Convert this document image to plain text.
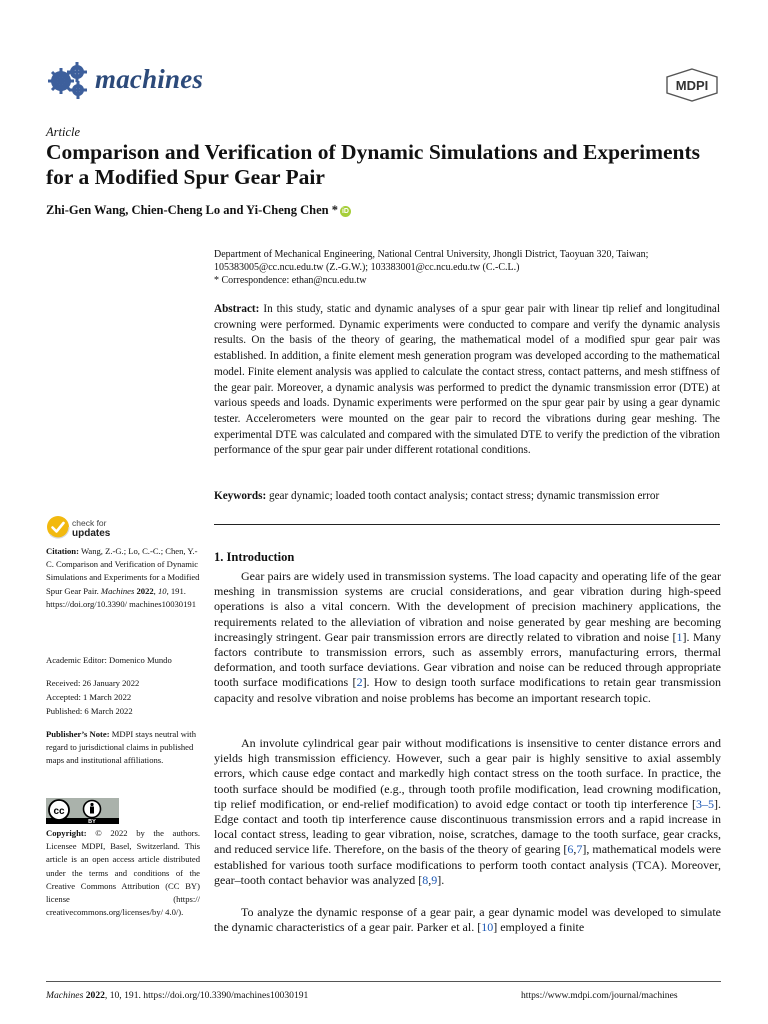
machines	MDPI
Article
Comparison and Verification of Dynamic Simulations and Experiments for a Modified Spur Gear Pair
Zhi-Gen Wang, Chien-Cheng Lo and Yi-Cheng Chen * iD
Department of Mechanical Engineering, National Central University, Jhongli District, Taoyuan 320, Taiwan;
105383005@cc.ncu.edu.tw (Z.-G.W.); 103383001@cc.ncu.edu.tw (C.-C.L.)
* Correspondence: ethan@ncu.edu.tw
Abstract: In this study, static and dynamic analyses of a spur gear pair with linear tip relief and longitudinal crowning were performed. Dynamic experiments were conducted to compare and verify the dynamic analysis results. On the basis of the theory of gearing, the mathematical model of a modified spur gear pair was established. In addition, a finite element mesh generation program was developed according to the mathematical model. Finite element analysis was applied to calculate the contact stress, contact patterns, and mesh stiffness of the gear pair. Moreover, a dynamic analysis was performed to predict the dynamic transmission error (DTE) at various speeds and loads. Dynamic experiments were performed on the spur gear pair by using a gear dynamic tester. Accelerometers were mounted on the gear pair to record the vibrations during gear meshing. The experimental DTE was calculated and compared with the simulated DTE to verify the prediction of the vibration performance of the spur gear pair under different rotational conditions.
Keywords: gear dynamic; loaded tooth contact analysis; contact stress; dynamic transmission error
check for
updates
Citation: Wang, Z.-G.; Lo, C.-C.; Chen, Y.-C. Comparison and Verification of Dynamic Simulations and Experiments for a Modified Spur Gear Pair. Machines 2022, 10, 191. https://doi.org/10.3390/ machines10030191
Academic Editor: Domenico Mundo
Received: 26 January 2022
Accepted: 1 March 2022
Published: 6 March 2022
Publisher’s Note: MDPI stays neutral with regard to jurisdictional claims in published maps and institutional affiliations.
cc
BY
Copyright: © 2022 by the authors. Licensee MDPI, Basel, Switzerland. This article is an open access article distributed under the terms and conditions of the Creative Commons Attribution (CC BY) license (https:// creativecommons.org/licenses/by/ 4.0/).
1. Introduction

Gear pairs are widely used in transmission systems. The load capacity and operating life of the gear meshing in transmission systems are crucial considerations, and gear vibration during high-speed operations is also a vital concern. With the development of precision machinery applications, the requirements related to the alleviation of vibration and noise generated by gear meshing are becoming increasingly stringent. Gear pair transmission errors are directly related to vibration and noise [1]. Many factors contribute to transmission errors, such as assembly errors, manufacturing errors, thermal deformation, and tooth surface deviations. Gear vibration and noise can be reduced through appropriate tooth surface modifications [2]. How to design tooth surface modifications to retain gear transmission capacity and resolve vibration and noise problems has become an important research topic.

An involute cylindrical gear pair without modifications is insensitive to center distance errors and yields high transmission efficiency. However, such a gear pair is highly sensitive to axial assembly errors, which cause edge contact and markedly high contact stress on the tooth surface. In practice, the tooth surface should be modified (e.g., through tooth profile modification, lead crowning modification, tip relief modification, or end-relief modification) to avoid edge contact or tooth tip interference [3–5]. Edge contact and tooth tip interference cause discontinuous transmission errors and a rapid increase in local contact stress, leading to gear vibration, noise, scratches, damage to the tooth surface, gear cracks, and reduced service life. Therefore, on the basis of the theory of gearing [6,7], mathematical models were established for various tooth surface modifications to perform tooth contact analysis (TCA). Moreover, gear–tooth contact behavior was analyzed [8,9].

To analyze the dynamic response of a gear pair, a gear dynamic model was developed to simulate the dynamic characteristics of a gear pair. Parker et al. [10] employed a finite

Machines 2022, 10, 191. https://doi.org/10.3390/machines10030191	https://www.mdpi.com/journal/machines
